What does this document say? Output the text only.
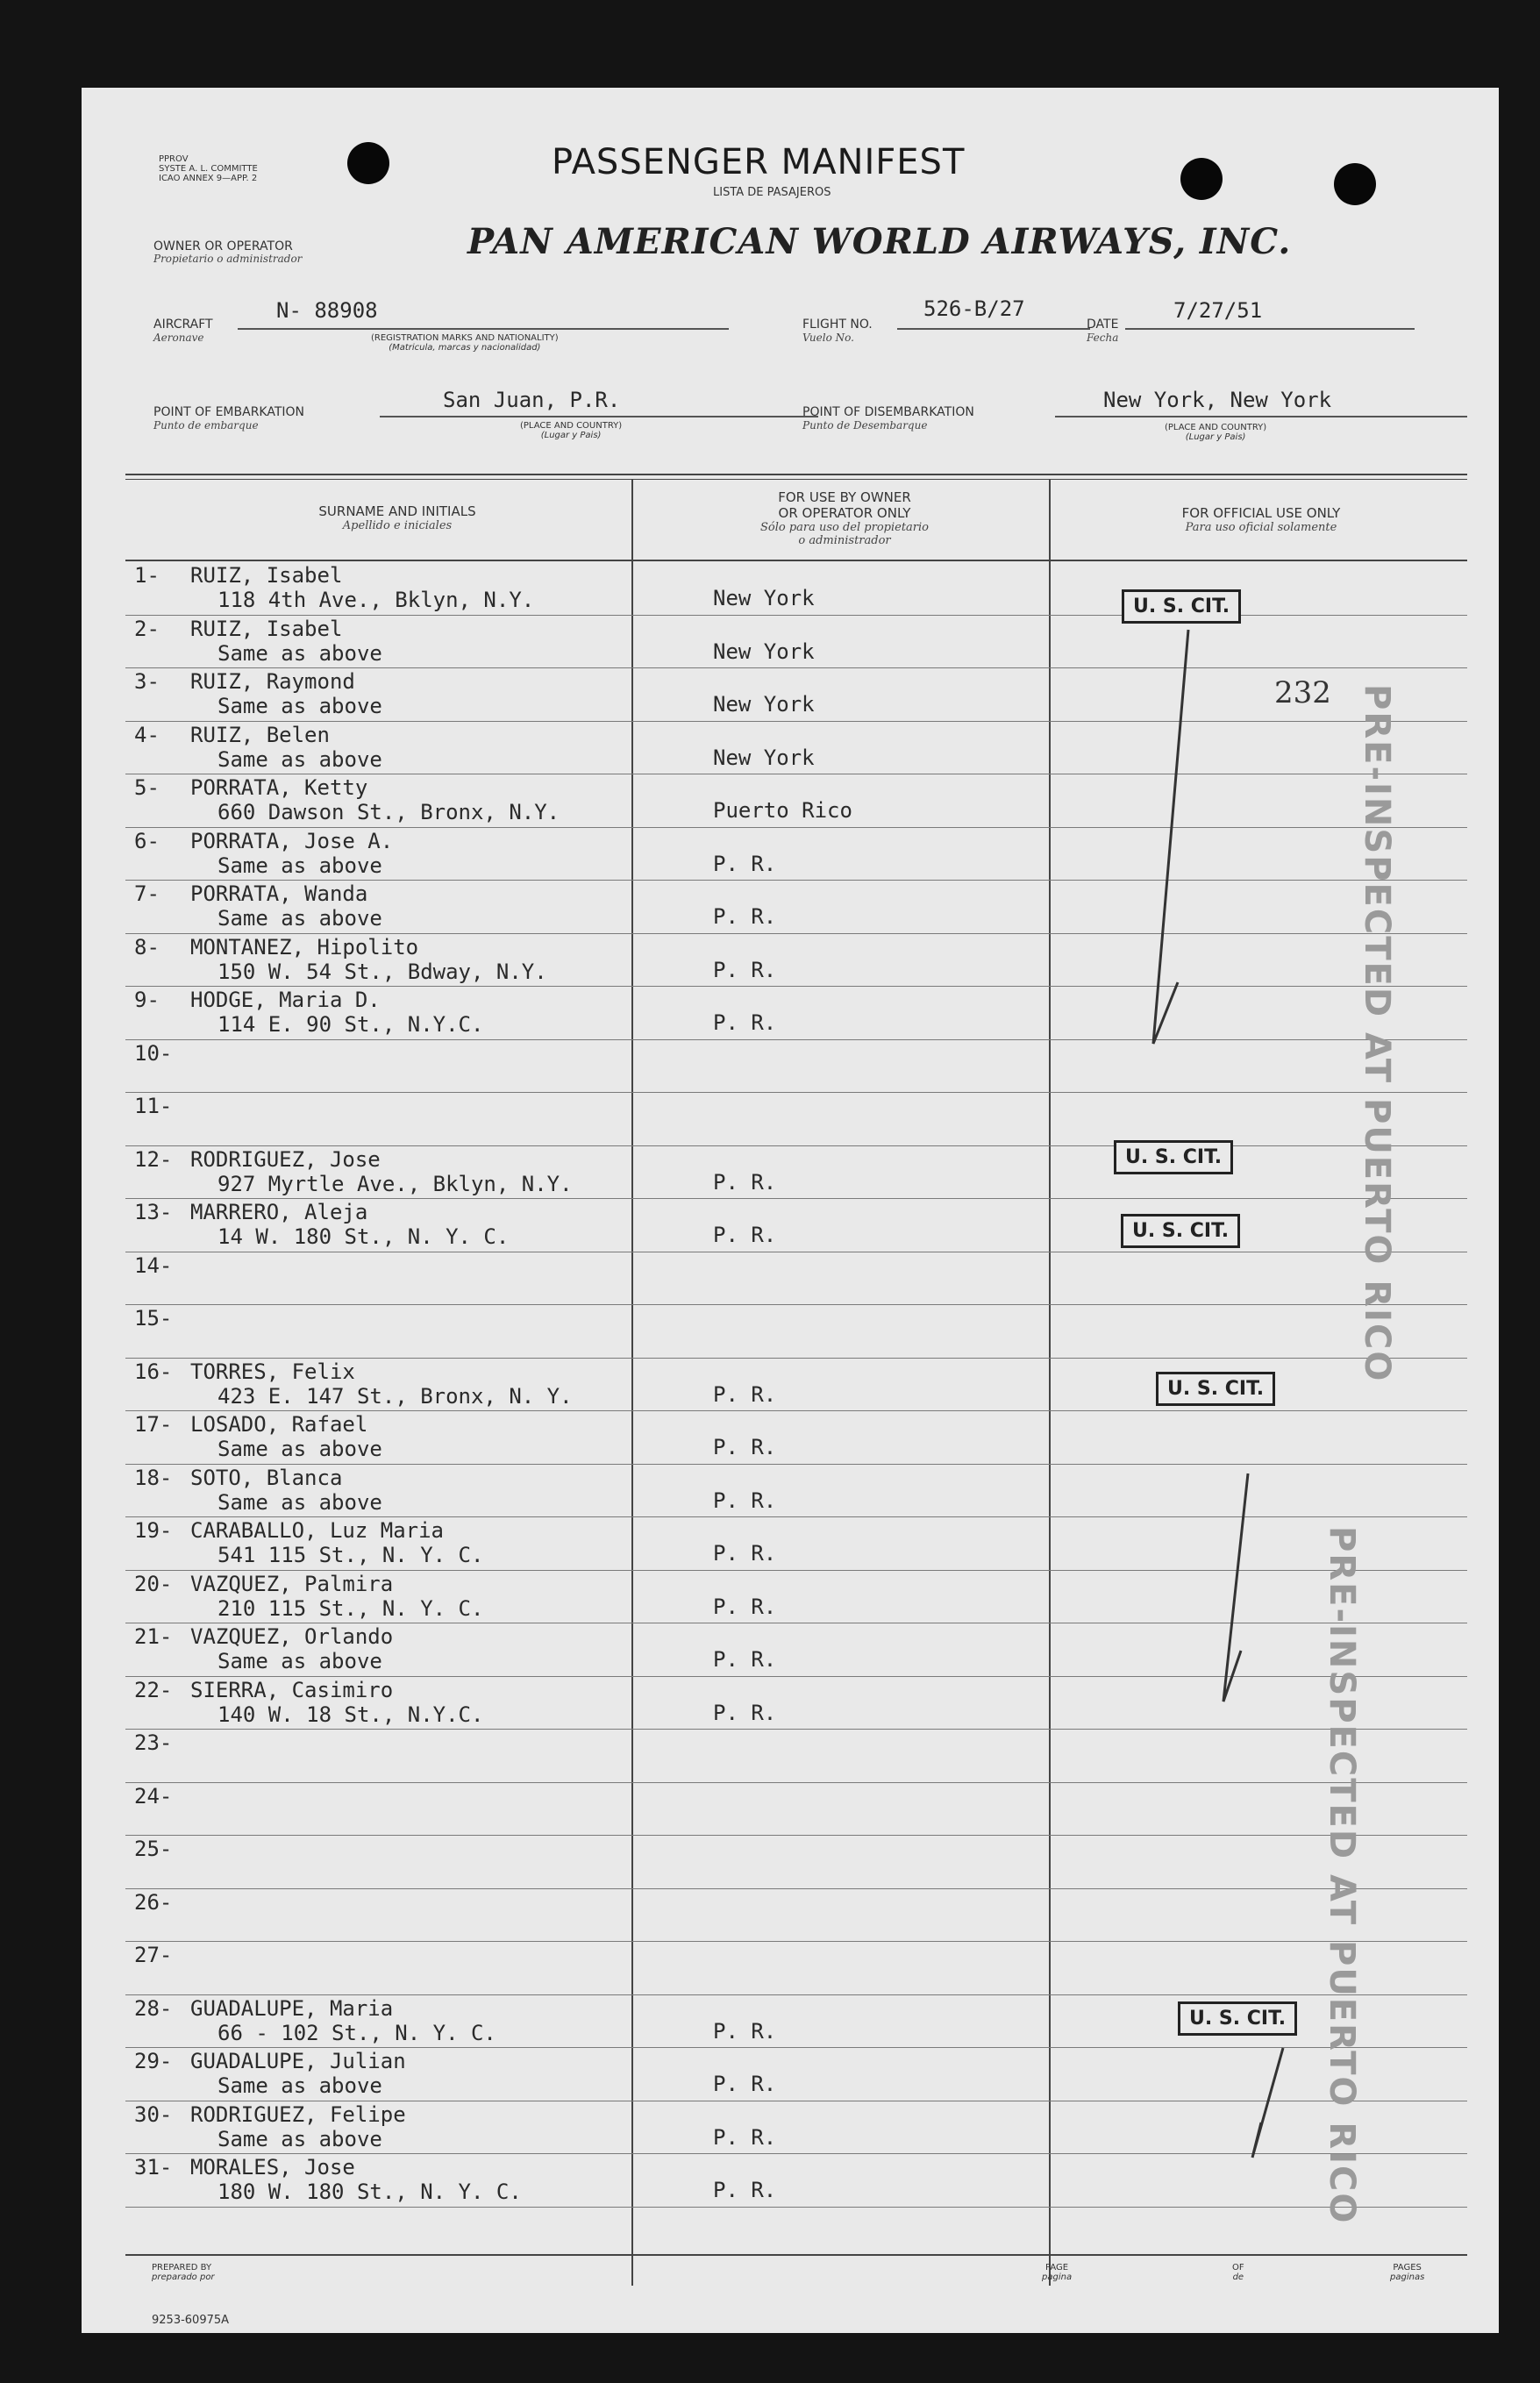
PPROV
SYSTE A. L. COMMITTE
ICAO ANNEX 9—APP. 2	PASSENGER MANIFEST
LISTA DE PASAJEROS
OWNER OR OPERATOR
Propietario o administrador	PAN AMERICAN WORLD AIRWAYS, INC.
AIRCRAFT
Aeronave
N- 88908
(REGISTRATION MARKS AND NATIONALITY)
(Matricula, marcas y nacionalidad)
FLIGHT NO.
Vuelo No.
526-B/27
DATE
Fecha
7/27/51
POINT OF EMBARKATION
Punto de embarque
San Juan, P.R.
(PLACE AND COUNTRY)
(Lugar y Pais)
POINT OF DISEMBARKATION
Punto de Desembarque
New York, New York
(PLACE AND COUNTRY)
(Lugar y Pais)
SURNAME AND INITIALS
Apellido e iniciales
FOR USE BY OWNER
OR OPERATOR ONLY
Sólo para uso del propietario
o administrador
FOR OFFICIAL USE ONLY
Para uso oficial solamente
1- RUIZ, Isabel
118 4th Ave., Bklyn, N.Y.	New York
2- RUIZ, Isabel
Same as above	New York
3- RUIZ, Raymond
Same as above	New York
4- RUIZ, Belen
Same as above	New York
5- PORRATA, Ketty
660 Dawson St., Bronx, N.Y.	Puerto Rico
6- PORRATA, Jose A.
Same as above	P. R.
7- PORRATA, Wanda
Same as above	P. R.
8- MONTANEZ, Hipolito
150 W. 54 St., Bdway, N.Y.	P. R.
9- HODGE, Maria D.
114 E. 90 St., N.Y.C.	P. R.
10-
11-
12- RODRIGUEZ, Jose
927 Myrtle Ave., Bklyn, N.Y.	P. R.
13- MARRERO, Aleja
14 W. 180 St., N. Y. C.	P. R.
14-
15-
16- TORRES, Felix
423 E. 147 St., Bronx, N. Y.	P. R.
17- LOSADO, Rafael
Same as above	P. R.
18- SOTO, Blanca
Same as above	P. R.
19- CARABALLO, Luz Maria
541 115 St., N. Y. C.	P. R.
20- VAZQUEZ, Palmira
210 115 St., N. Y. C.	P. R.
21- VAZQUEZ, Orlando
Same as above	P. R.
22- SIERRA, Casimiro
140 W. 18 St., N.Y.C.	P. R.
23-
24-
25-
26-
27-
28- GUADALUPE, Maria
66 - 102 St., N. Y. C.	P. R.
29- GUADALUPE, Julian
Same as above	P. R.
30- RODRIGUEZ, Felipe
Same as above	P. R.
31- MORALES, Jose
180 W. 180 St., N. Y. C.	P. R.
U. S. CIT.
232
U. S. CIT.
U. S. CIT.
U. S. CIT.
U. S. CIT.
PRE-INSPECTED AT PUERTO RICO
PRE-INSPECTED AT PUERTO RICO
PREPARED BY
preparado por
PAGE
pagina
OF
de
PAGES
paginas
9253-60975A
